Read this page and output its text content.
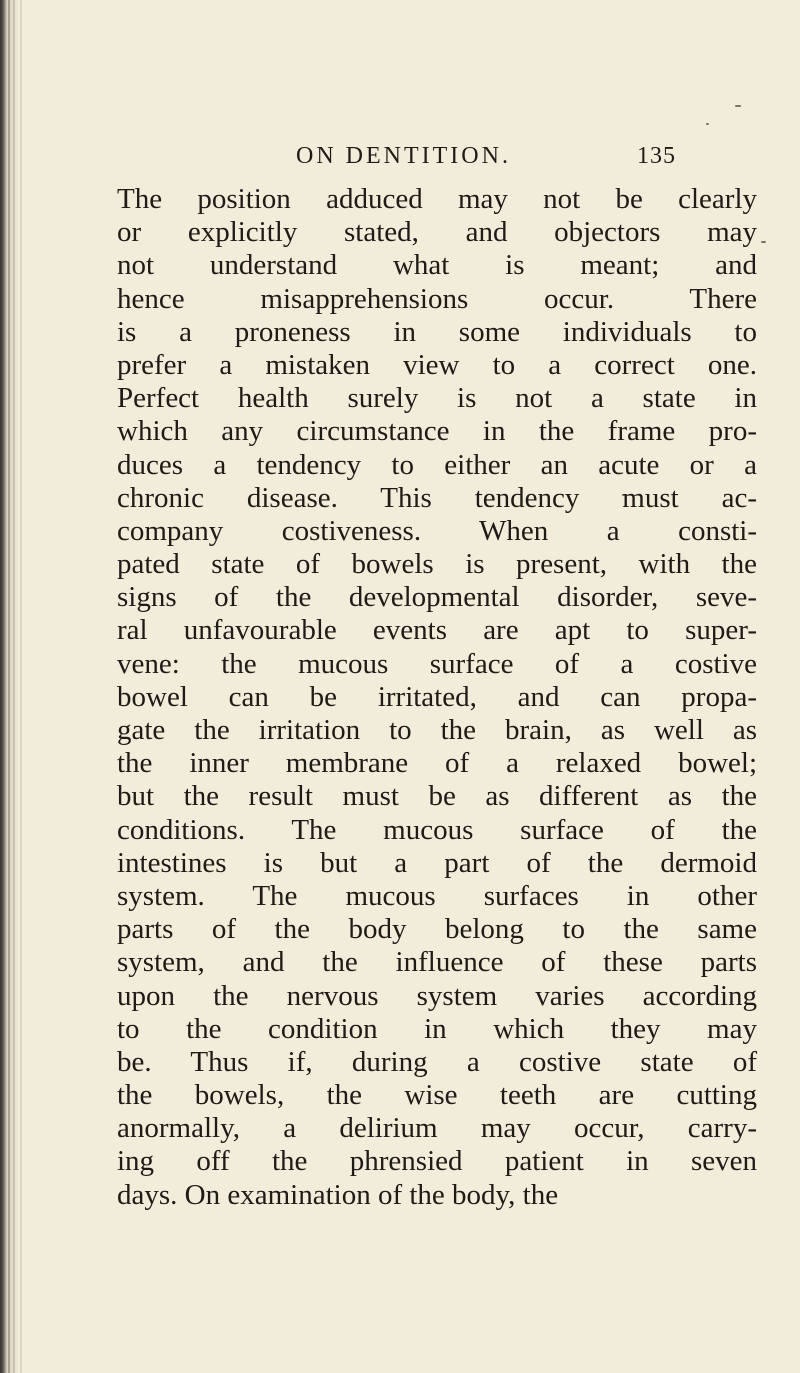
ON DENTITION.	135
The position adduced may not be clearly
or explicitly stated, and objectors may
not understand what is meant; and
hence misapprehensions occur. There
is a proneness in some individuals to
prefer a mistaken view to a correct one.
Perfect health surely is not a state in
which any circumstance in the frame pro-
duces a tendency to either an acute or a
chronic disease. This tendency must ac-
company costiveness. When a consti-
pated state of bowels is present, with the
signs of the developmental disorder, seve-
ral unfavourable events are apt to super-
vene: the mucous surface of a costive
bowel can be irritated, and can propa-
gate the irritation to the brain, as well as
the inner membrane of a relaxed bowel;
but the result must be as different as the
conditions. The mucous surface of the
intestines is but a part of the dermoid
system. The mucous surfaces in other
parts of the body belong to the same
system, and the influence of these parts
upon the nervous system varies according
to the condition in which they may
be. Thus if, during a costive state of
the bowels, the wise teeth are cutting
anormally, a delirium may occur, carry-
ing off the phrensied patient in seven
days. On examination of the body, the
